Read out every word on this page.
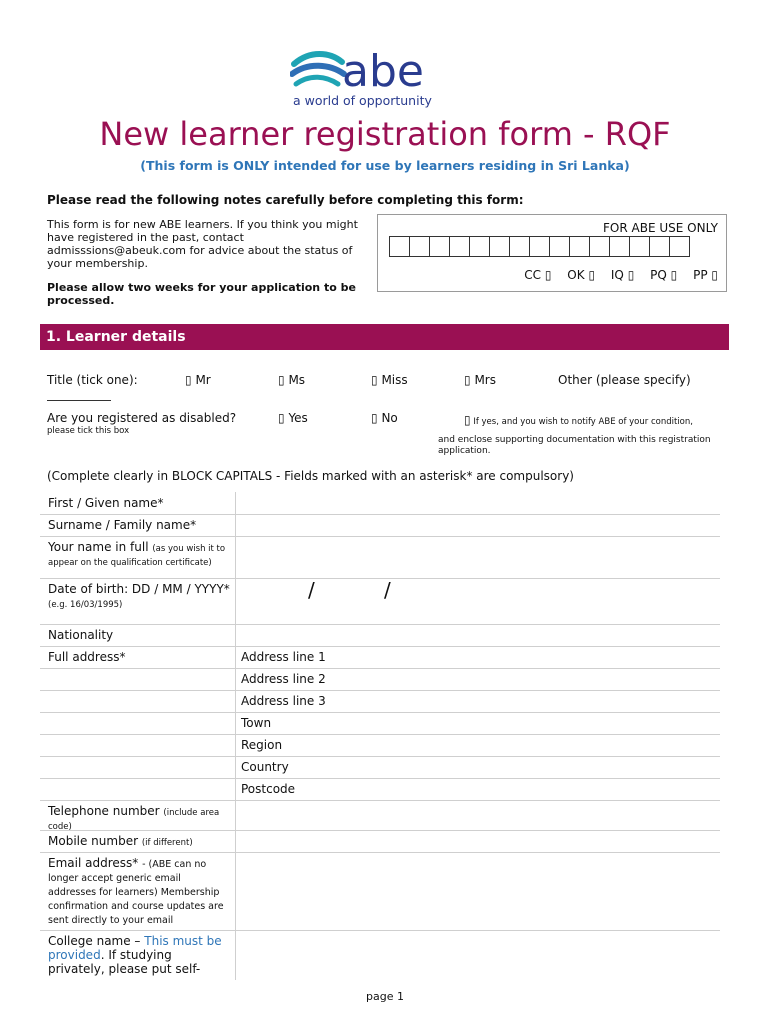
abe
a world of opportunity
New learner registration form - RQF
(This form is ONLY intended for use by learners residing in Sri Lanka)
Please read the following notes carefully before completing this form:
This form is for new ABE learners. If you think you might have registered in the past, contact admisssions@abeuk.com for advice about the status of your membership.
Please allow two weeks for your application to be processed.
FOR ABE USE ONLY
CC ▯ OK ▯ IQ ▯ PQ ▯ PP ▯
1. Learner details
Title (tick one):	▯ Mr	▯ Ms	▯ Miss	▯ Mrs	Other (please specify)
Are you registered as disabled?
please tick this box
▯ Yes	▯ No	▯ If yes, and you wish to notify ABE of your condition,
and enclose supporting documentation with this registration application.
(Complete clearly in BLOCK CAPITALS - Fields marked with an asterisk* are compulsory)
First / Given name*
Surname / Family name*
Your name in full (as you wish it to appear on the qualification certificate)
Date of birth: DD / MM / YYYY*
(e.g. 16/03/1995)
/	/
Nationality
Full address*	Address line 1
Address line 2
Address line 3
Town
Region
Country
Postcode
Telephone number (include area code)
Mobile number (if different)
Email address* - (ABE can no longer accept generic email addresses for learners) Membership confirmation and course updates are sent directly to your email
College name – This must be provided. If studying privately, please put self-
page 1
